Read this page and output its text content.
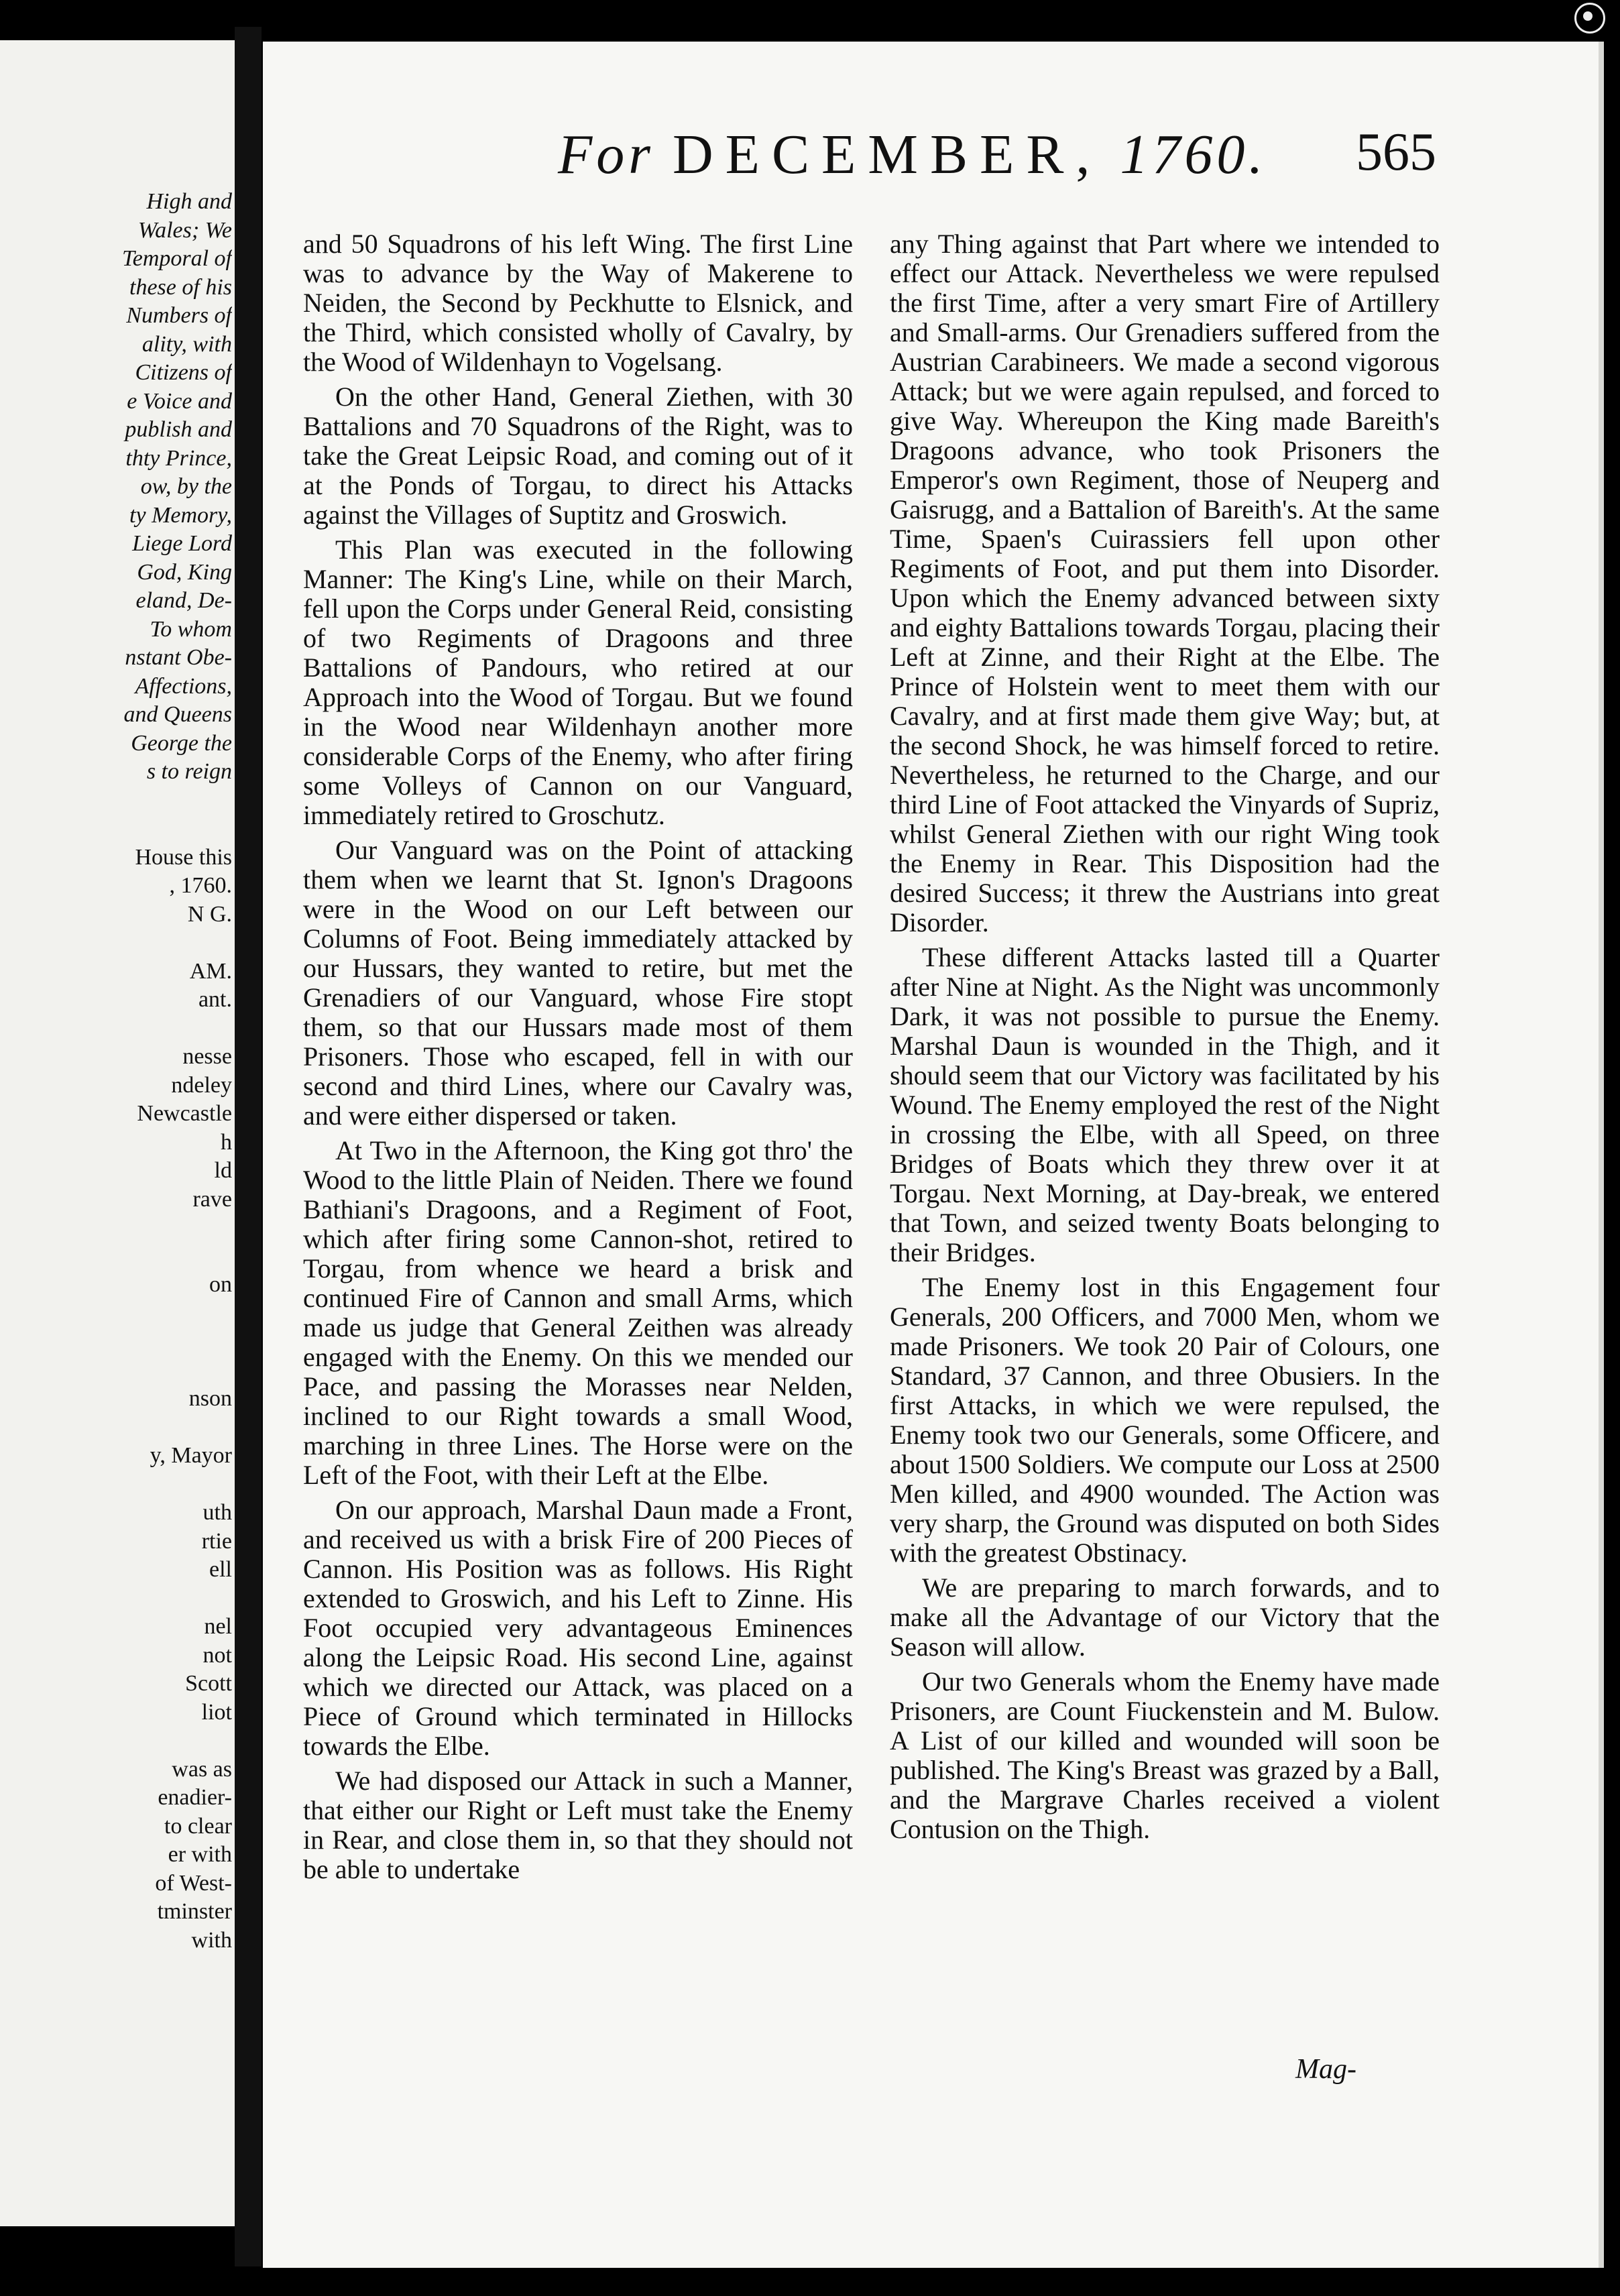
High and
Wales; We
Temporal of
these of his
Numbers of
ality, with
Citizens of
e Voice and
publish and
thty Prince,
ow, by the
ty Memory,
Liege Lord
God, King
eland, De-
To whom
nstant Obe-
Affections,
and Queens
George the
s to reign
House this
, 1760.
N G.
AM.
ant.
nesse
ndeley
Newcastle
h
ld
rave
on
nson
y, Mayor
uth
rtie
ell
nel
not
Scott
liot
was as
enadier-
to clear
er with
of West-
tminster
with
For DECEMBER, 1760. 565

and 50 Squadrons of his left Wing. The first Line was to advance by the Way of Makerene to Neiden, the Second by Peckhutte to Elsnick, and the Third, which consisted wholly of Cavalry, by the Wood of Wildenhayn to Vogelsang.

On the other Hand, General Ziethen, with 30 Battalions and 70 Squadrons of the Right, was to take the Great Leipsic Road, and coming out of it at the Ponds of Torgau, to direct his Attacks against the Villages of Suptitz and Groswich.

This Plan was executed in the following Manner: The King's Line, while on their March, fell upon the Corps under General Reid, consisting of two Regiments of Dragoons and three Battalions of Pandours, who retired at our Approach into the Wood of Torgau. But we found in the Wood near Wildenhayn another more considerable Corps of the Enemy, who after firing some Volleys of Cannon on our Vanguard, immediately retired to Groschutz.

Our Vanguard was on the Point of attacking them when we learnt that St. Ignon's Dragoons were in the Wood on our Left between our Columns of Foot. Being immediately attacked by our Hussars, they wanted to retire, but met the Grenadiers of our Vanguard, whose Fire stopt them, so that our Hussars made most of them Prisoners. Those who escaped, fell in with our second and third Lines, where our Cavalry was, and were either dispersed or taken.

At Two in the Afternoon, the King got thro' the Wood to the little Plain of Neiden. There we found Bathiani's Dragoons, and a Regiment of Foot, which after firing some Cannon-shot, retired to Torgau, from whence we heard a brisk and continued Fire of Cannon and small Arms, which made us judge that General Zeithen was already engaged with the Enemy. On this we mended our Pace, and passing the Morasses near Nelden, inclined to our Right towards a small Wood, marching in three Lines. The Horse were on the Left of the Foot, with their Left at the Elbe.

On our approach, Marshal Daun made a Front, and received us with a brisk Fire of 200 Pieces of Cannon. His Position was as follows. His Right extended to Groswich, and his Left to Zinne. His Foot occupied very advantageous Eminences along the Leipsic Road. His second Line, against which we directed our Attack, was placed on a Piece of Ground which terminated in Hillocks towards the Elbe.

We had disposed our Attack in such a Manner, that either our Right or Left must take the Enemy in Rear, and close them in, so that they should not be able to undertake

any Thing against that Part where we intended to effect our Attack. Nevertheless we were repulsed the first Time, after a very smart Fire of Artillery and Small-arms. Our Grenadiers suffered from the Austrian Carabineers. We made a second vigorous Attack; but we were again repulsed, and forced to give Way. Whereupon the King made Bareith's Dragoons advance, who took Prisoners the Emperor's own Regiment, those of Neuperg and Gaisrugg, and a Battalion of Bareith's. At the same Time, Spaen's Cuirassiers fell upon other Regiments of Foot, and put them into Disorder. Upon which the Enemy advanced between sixty and eighty Battalions towards Torgau, placing their Left at Zinne, and their Right at the Elbe. The Prince of Holstein went to meet them with our Cavalry, and at first made them give Way; but, at the second Shock, he was himself forced to retire. Nevertheless, he returned to the Charge, and our third Line of Foot attacked the Vinyards of Supriz, whilst General Ziethen with our right Wing took the Enemy in Rear. This Disposition had the desired Success; it threw the Austrians into great Disorder.

These different Attacks lasted till a Quarter after Nine at Night. As the Night was uncommonly Dark, it was not possible to pursue the Enemy. Marshal Daun is wounded in the Thigh, and it should seem that our Victory was facilitated by his Wound. The Enemy employed the rest of the Night in crossing the Elbe, with all Speed, on three Bridges of Boats which they threw over it at Torgau. Next Morning, at Day-break, we entered that Town, and seized twenty Boats belonging to their Bridges.

The Enemy lost in this Engagement four Generals, 200 Officers, and 7000 Men, whom we made Prisoners. We took 20 Pair of Colours, one Standard, 37 Cannon, and three Obusiers. In the first Attacks, in which we were repulsed, the Enemy took two our Generals, some Officere, and about 1500 Soldiers. We compute our Loss at 2500 Men killed, and 4900 wounded. The Action was very sharp, the Ground was disputed on both Sides with the greatest Obstinacy.

We are preparing to march forwards, and to make all the Advantage of our Victory that the Season will allow.

Our two Generals whom the Enemy have made Prisoners, are Count Fiuckenstein and M. Bulow. A List of our killed and wounded will soon be published. The King's Breast was grazed by a Ball, and the Margrave Charles received a violent Contusion on the Thigh.

Mag-
